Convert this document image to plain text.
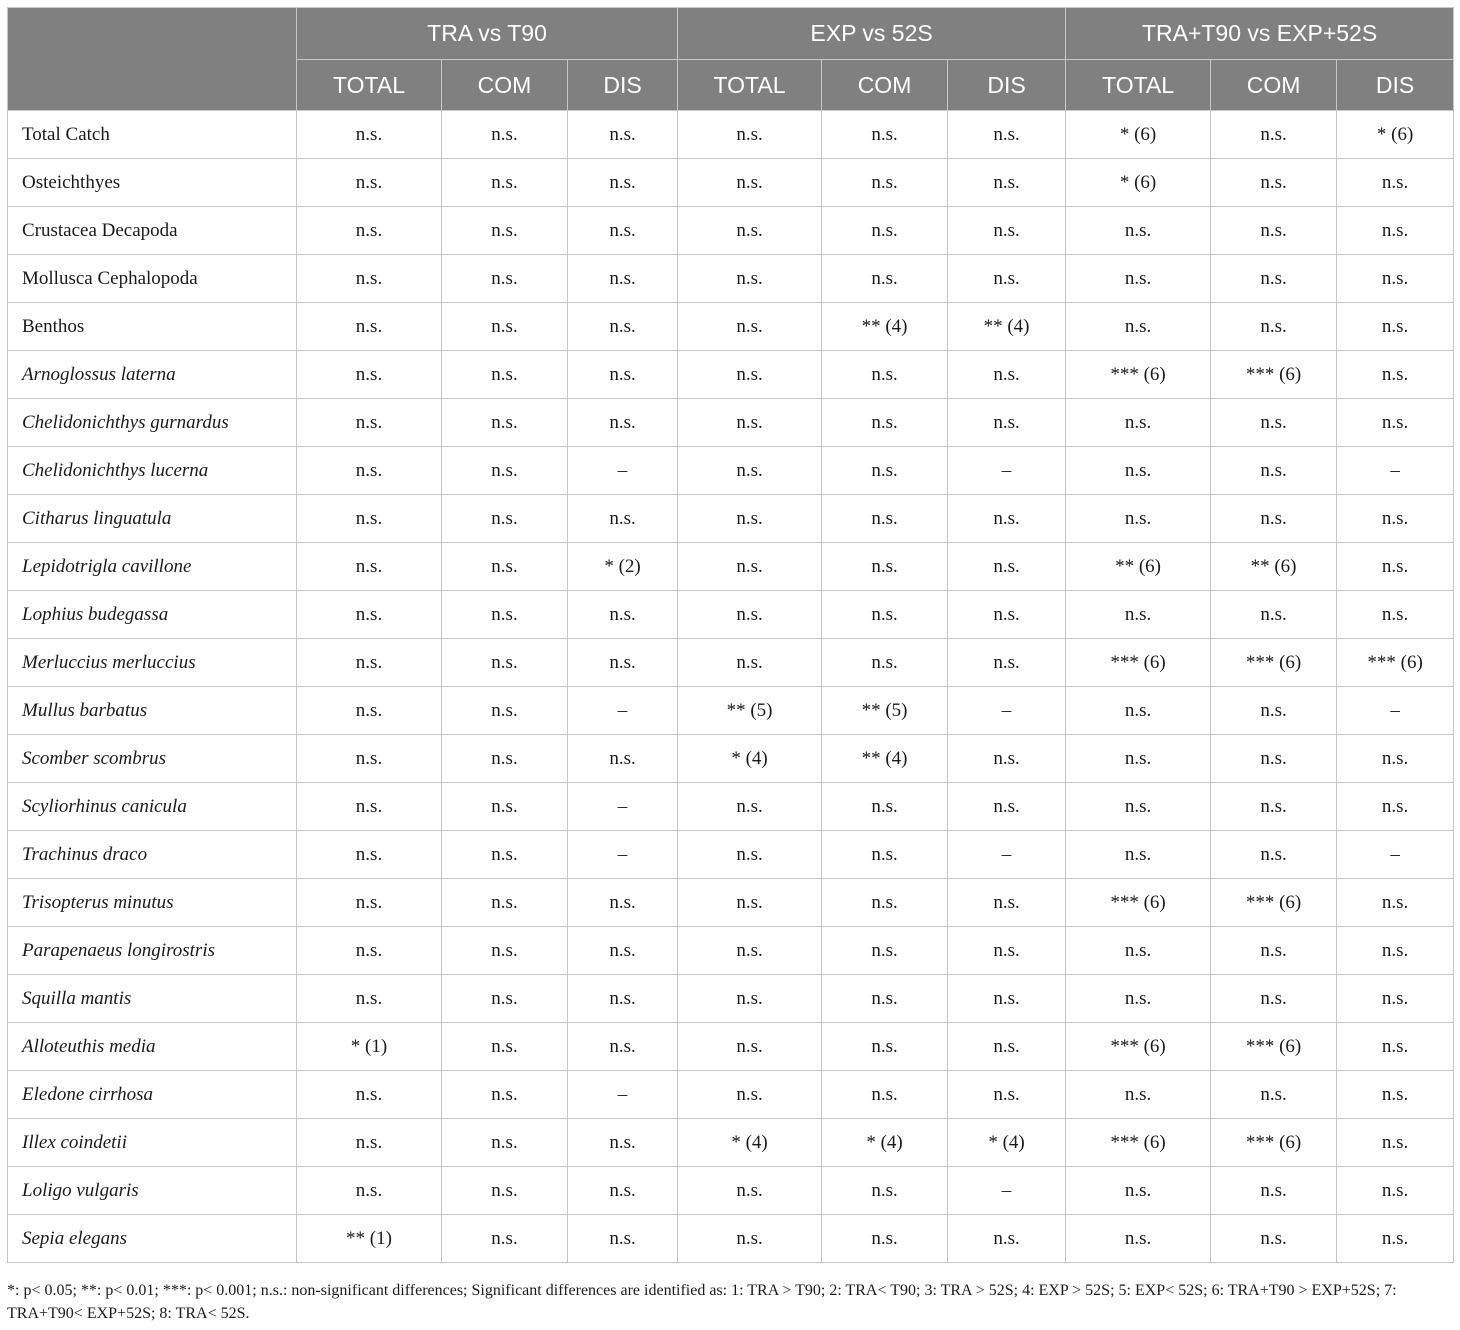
	TRA vs T90			EXP vs 52S			TRA+T90 vs EXP+52S		
	TOTAL	COM	DIS	TOTAL	COM	DIS	TOTAL	COM	DIS
Total Catch	n.s.	n.s.	n.s.	n.s.	n.s.	n.s.	* (6)	n.s.	* (6)
Osteichthyes	n.s.	n.s.	n.s.	n.s.	n.s.	n.s.	* (6)	n.s.	n.s.
Crustacea Decapoda	n.s.	n.s.	n.s.	n.s.	n.s.	n.s.	n.s.	n.s.	n.s.
Mollusca Cephalopoda	n.s.	n.s.	n.s.	n.s.	n.s.	n.s.	n.s.	n.s.	n.s.
Benthos	n.s.	n.s.	n.s.	n.s.	** (4)	** (4)	n.s.	n.s.	n.s.
Arnoglossus laterna	n.s.	n.s.	n.s.	n.s.	n.s.	n.s.	*** (6)	*** (6)	n.s.
Chelidonichthys gurnardus	n.s.	n.s.	n.s.	n.s.	n.s.	n.s.	n.s.	n.s.	n.s.
Chelidonichthys lucerna	n.s.	n.s.	–	n.s.	n.s.	–	n.s.	n.s.	–
Citharus linguatula	n.s.	n.s.	n.s.	n.s.	n.s.	n.s.	n.s.	n.s.	n.s.
Lepidotrigla cavillone	n.s.	n.s.	* (2)	n.s.	n.s.	n.s.	** (6)	** (6)	n.s.
Lophius budegassa	n.s.	n.s.	n.s.	n.s.	n.s.	n.s.	n.s.	n.s.	n.s.
Merluccius merluccius	n.s.	n.s.	n.s.	n.s.	n.s.	n.s.	*** (6)	*** (6)	*** (6)
Mullus barbatus	n.s.	n.s.	–	** (5)	** (5)	–	n.s.	n.s.	–
Scomber scombrus	n.s.	n.s.	n.s.	* (4)	** (4)	n.s.	n.s.	n.s.	n.s.
Scyliorhinus canicula	n.s.	n.s.	–	n.s.	n.s.	n.s.	n.s.	n.s.	n.s.
Trachinus draco	n.s.	n.s.	–	n.s.	n.s.	–	n.s.	n.s.	–
Trisopterus minutus	n.s.	n.s.	n.s.	n.s.	n.s.	n.s.	*** (6)	*** (6)	n.s.
Parapenaeus longirostris	n.s.	n.s.	n.s.	n.s.	n.s.	n.s.	n.s.	n.s.	n.s.
Squilla mantis	n.s.	n.s.	n.s.	n.s.	n.s.	n.s.	n.s.	n.s.	n.s.
Alloteuthis media	* (1)	n.s.	n.s.	n.s.	n.s.	n.s.	*** (6)	*** (6)	n.s.
Eledone cirrhosa	n.s.	n.s.	–	n.s.	n.s.	n.s.	n.s.	n.s.	n.s.
Illex coindetii	n.s.	n.s.	n.s.	* (4)	* (4)	* (4)	*** (6)	*** (6)	n.s.
Loligo vulgaris	n.s.	n.s.	n.s.	n.s.	n.s.	–	n.s.	n.s.	n.s.
Sepia elegans	** (1)	n.s.	n.s.	n.s.	n.s.	n.s.	n.s.	n.s.	n.s.

*: p< 0.05; **: p< 0.01; ***: p< 0.001; n.s.: non-significant differences; Significant differences are identified as: 1: TRA > T90; 2: TRA< T90; 3: TRA > 52S; 4: EXP > 52S; 5: EXP< 52S; 6: TRA+T90 > EXP+52S; 7: TRA+T90< EXP+52S; 8: TRA< 52S.
